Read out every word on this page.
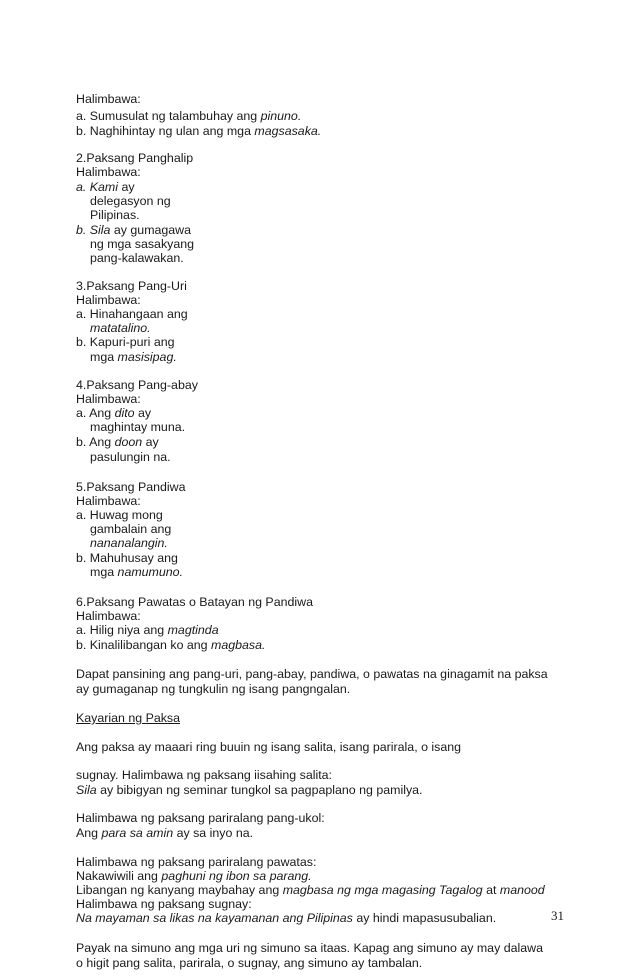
Halimbawa:
a. Sumusulat ng talambuhay ang pinuno.
b. Naghihintay ng ulan ang mga magsasaka.
2.Paksang Panghalip
Halimbawa:
a. Kami ay
delegasyon ng
Pilipinas.
b. Sila ay gumagawa
ng mga sasakyang
pang-kalawakan.
3.Paksang Pang-Uri
Halimbawa:
a. Hinahangaan ang
matatalino.
b. Kapuri-puri ang
mga masisipag.
4.Paksang Pang-abay
Halimbawa:
a. Ang dito ay
maghintay muna.
b. Ang doon ay
pasulungin na.
5.Paksang Pandiwa
Halimbawa:
a. Huwag mong
gambalain ang
nananalangin.
b. Mahuhusay ang
mga namumuno.
6.Paksang Pawatas o Batayan ng Pandiwa
Halimbawa:
a. Hilig niya ang magtinda
b. Kinalilibangan ko ang magbasa.
Dapat pansining ang pang-uri, pang-abay, pandiwa, o pawatas na ginagamit na paksa
ay gumaganap ng tungkulin ng isang pangngalan.
Kayarian ng Paksa
Ang paksa ay maaari ring buuin ng isang salita, isang parirala, o isang
sugnay. Halimbawa ng paksang iisahing salita:
Sila ay bibigyan ng seminar tungkol sa pagpaplano ng pamilya.
Halimbawa ng paksang pariralang pang-ukol:
Ang para sa amin ay sa inyo na.
Halimbawa ng paksang pariralang pawatas:
Nakawiwili ang paghuni ng ibon sa parang.
Libangan ng kanyang maybahay ang magbasa ng mga magasing Tagalog at manood
Halimbawa ng paksang sugnay:
Na mayaman sa likas na kayamanan ang Pilipinas ay hindi mapasusubalian.
Payak na simuno ang mga uri ng simuno sa itaas. Kapag ang simuno ay may dalawa
o higit pang salita, parirala, o sugnay, ang simuno ay tambalan.
31
